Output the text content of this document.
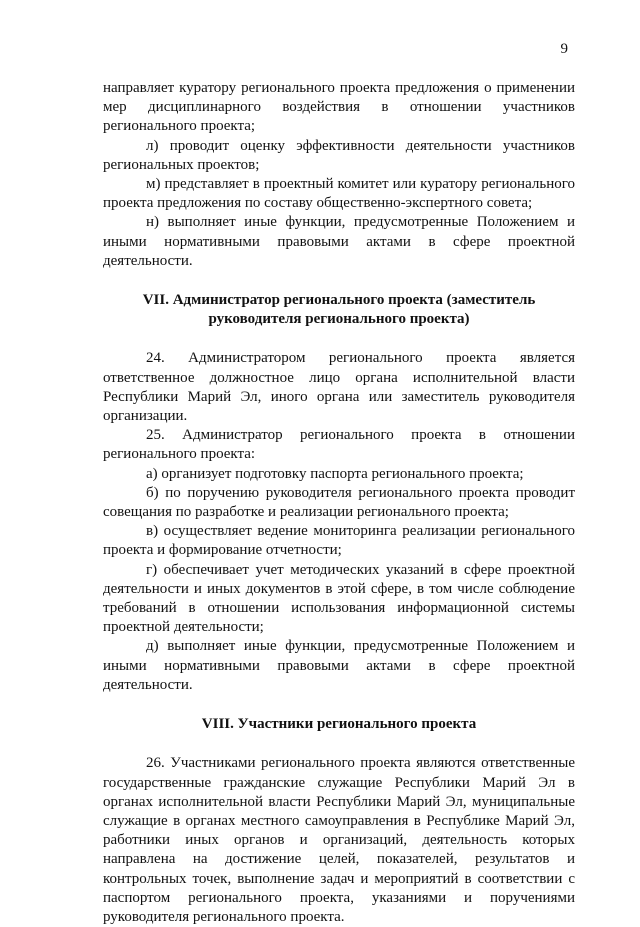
9

направляет куратору регионального проекта предложения о применении мер дисциплинарного воздействия в отношении участников регионального проекта;

л) проводит оценку эффективности деятельности участников региональных проектов;

м) представляет в проектный комитет или куратору регионального проекта предложения по составу общественно-экспертного совета;

н) выполняет иные функции, предусмотренные Положением и иными нормативными правовыми актами в сфере проектной деятельности.

VII. Администратор регионального проекта (заместитель
руководителя регионального проекта)

24. Администратором регионального проекта является ответственное должностное лицо органа исполнительной власти Республики Марий Эл, иного органа или заместитель руководителя организации.

25. Администратор регионального проекта в отношении регионального проекта:

а) организует подготовку паспорта регионального проекта;

б) по поручению руководителя регионального проекта проводит совещания по разработке и реализации регионального проекта;

в) осуществляет ведение мониторинга реализации регионального проекта и формирование отчетности;

г) обеспечивает учет методических указаний в сфере проектной деятельности и иных документов в этой сфере, в том числе соблюдение требований в отношении использования информационной системы проектной деятельности;

д) выполняет иные функции, предусмотренные Положением и иными нормативными правовыми актами в сфере проектной деятельности.

VIII. Участники регионального проекта

26. Участниками регионального проекта являются ответственные государственные гражданские служащие Республики Марий Эл в органах исполнительной власти Республики Марий Эл, муниципальные служащие в органах местного самоуправления в Республике Марий Эл, работники иных органов и организаций, деятельность которых направлена на достижение целей, показателей, результатов и контрольных точек, выполнение задач и мероприятий в соответствии с паспортом регионального проекта, указаниями и поручениями руководителя регионального проекта.
